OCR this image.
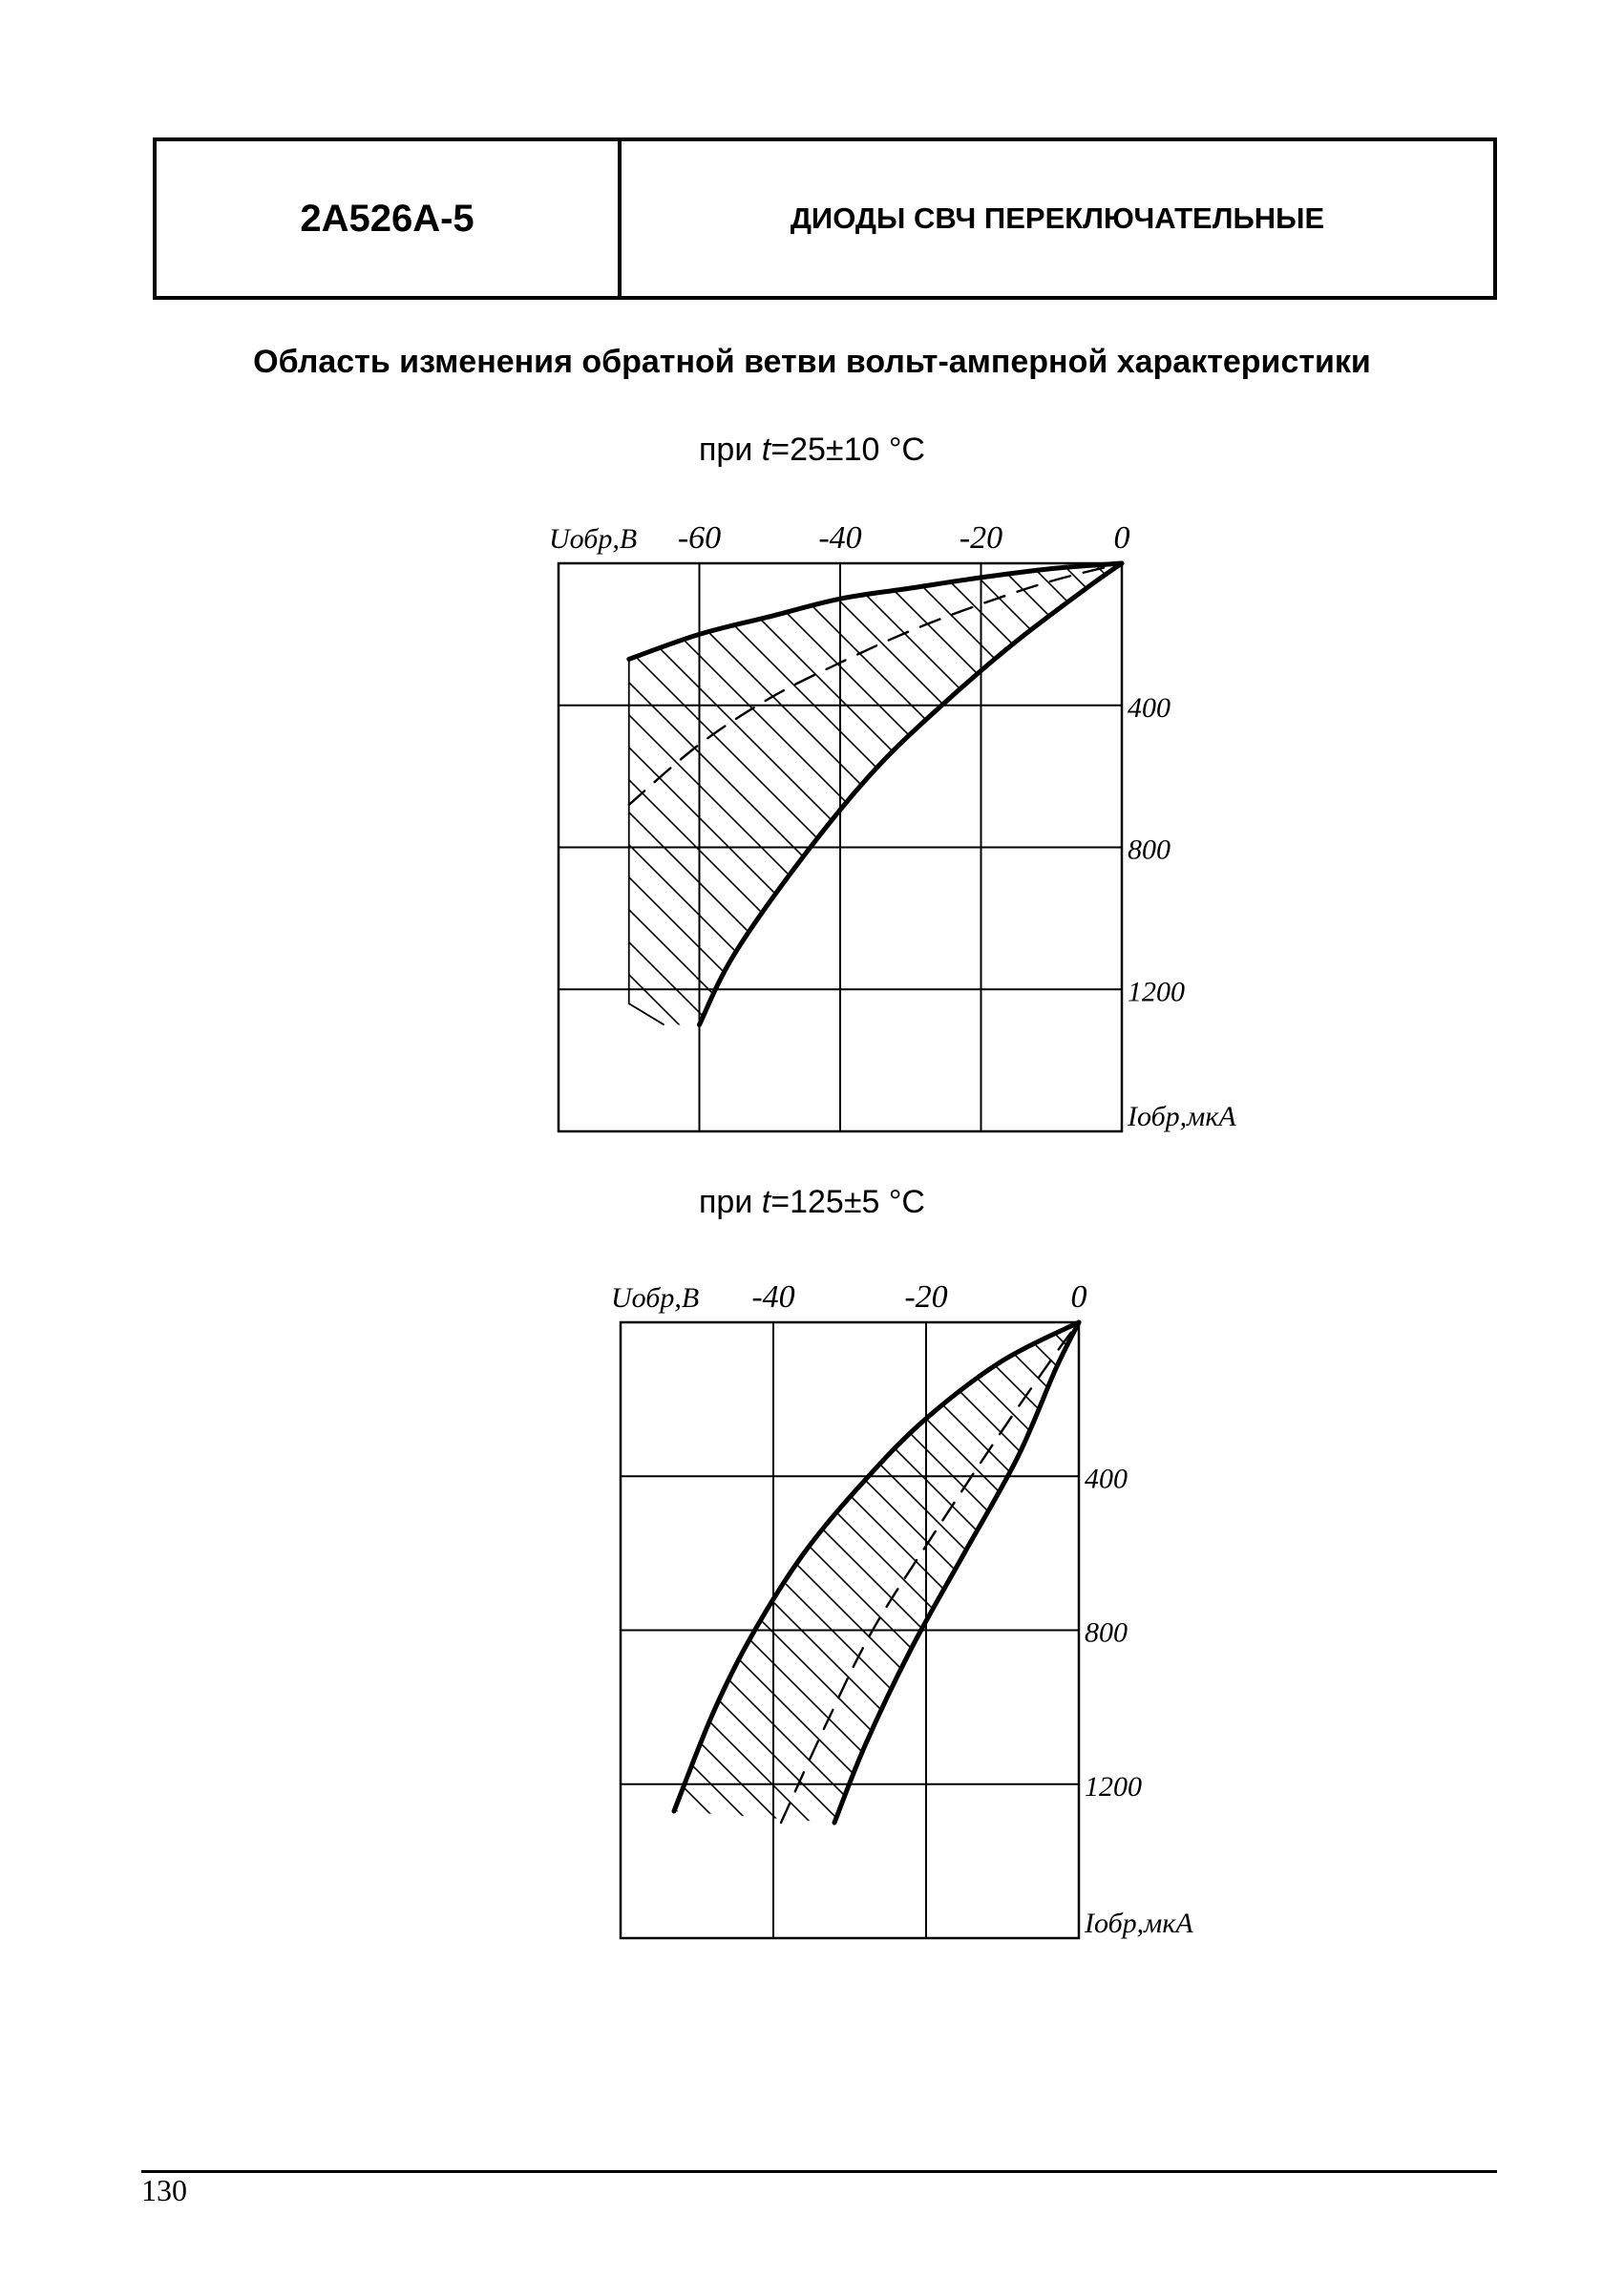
2А526А-5	ДИОДЫ СВЧ ПЕРЕКЛЮЧАТЕЛЬНЫЕ
Область изменения обратной ветви вольт-амперной характеристики
при t=25±10 °C
при t=125±5 °C
-60	-40	-20	0
Uобр,В
400
800
1200
Iобр,мкА
-40	-20	0
Uобр,В
400
800
1200
Iобр,мкА
130
